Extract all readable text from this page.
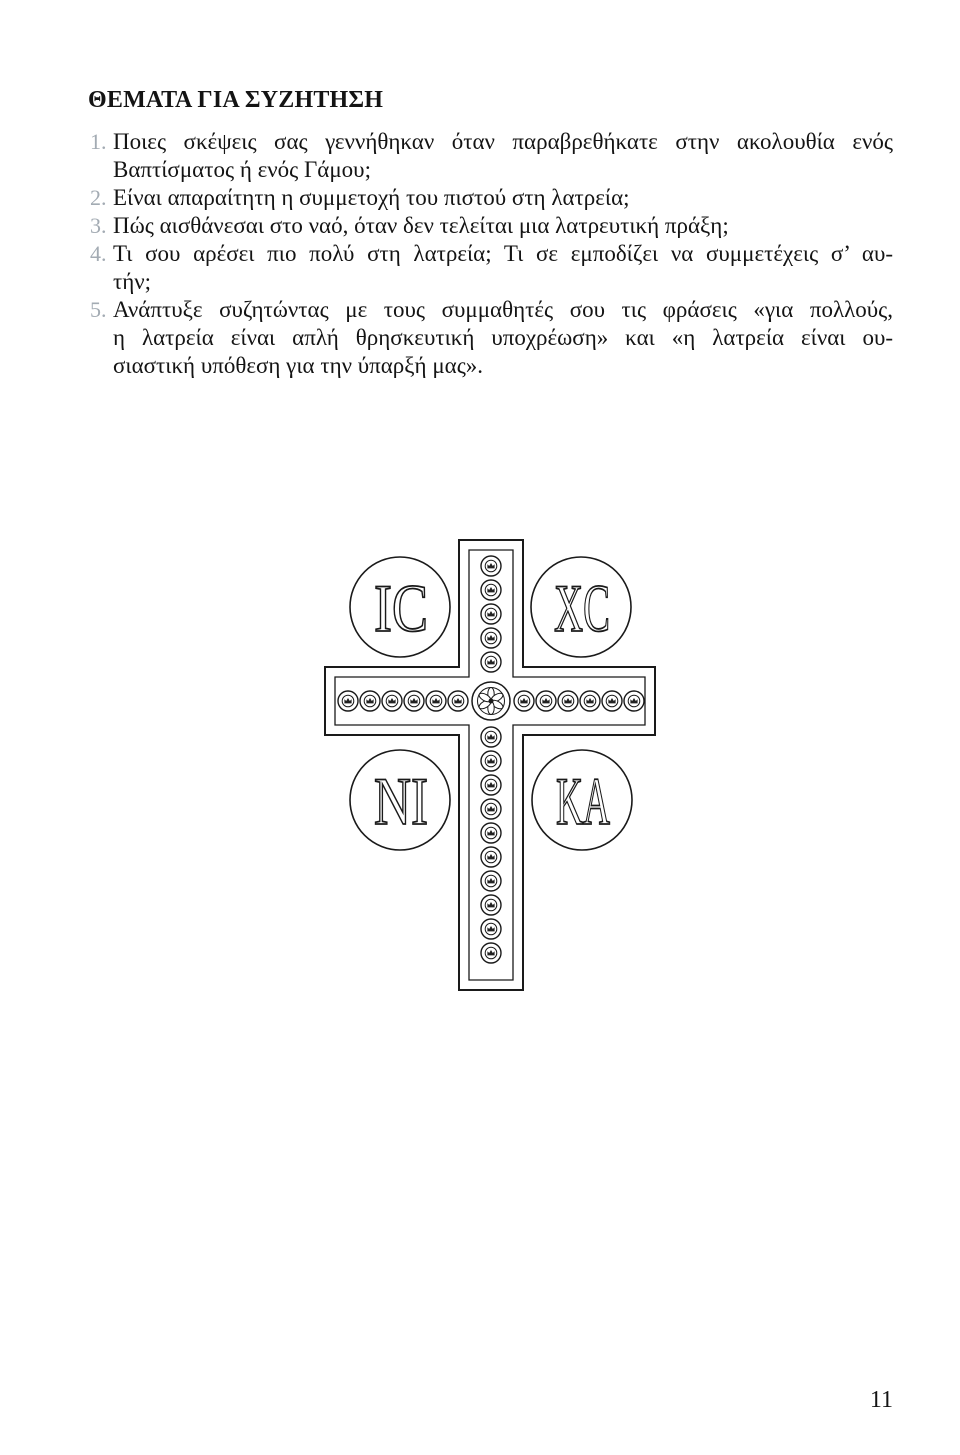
ΘΕΜΑΤΑ ΓΙΑ ΣΥΖΗΤΗΣΗ
1. Ποιες σκέψεις σας γεννήθηκαν όταν παραβρεθήκατε στην ακολουθία ενός
Βαπτίσματος ή ενός Γάμου;
2. Είναι απαραίτητη η συμμετοχή του πιστού στη λατρεία;
3. Πώς αισθάνεσαι στο ναό, όταν δεν τελείται μια λατρευτική πράξη;
4. Τι σου αρέσει πιο πολύ στη λατρεία; Τι σε εμποδίζει να συμμετέχεις σ’ αυ-
τήν;
5. Ανάπτυξε συζητώντας με τους συμμαθητές σου τις φράσεις «για πολλούς,
η λατρεία είναι απλή θρησκευτική υποχρέωση» και «η λατρεία είναι ου-
σιαστική υπόθεση για την ύπαρξή μας».
IC XC
NI KA
11
